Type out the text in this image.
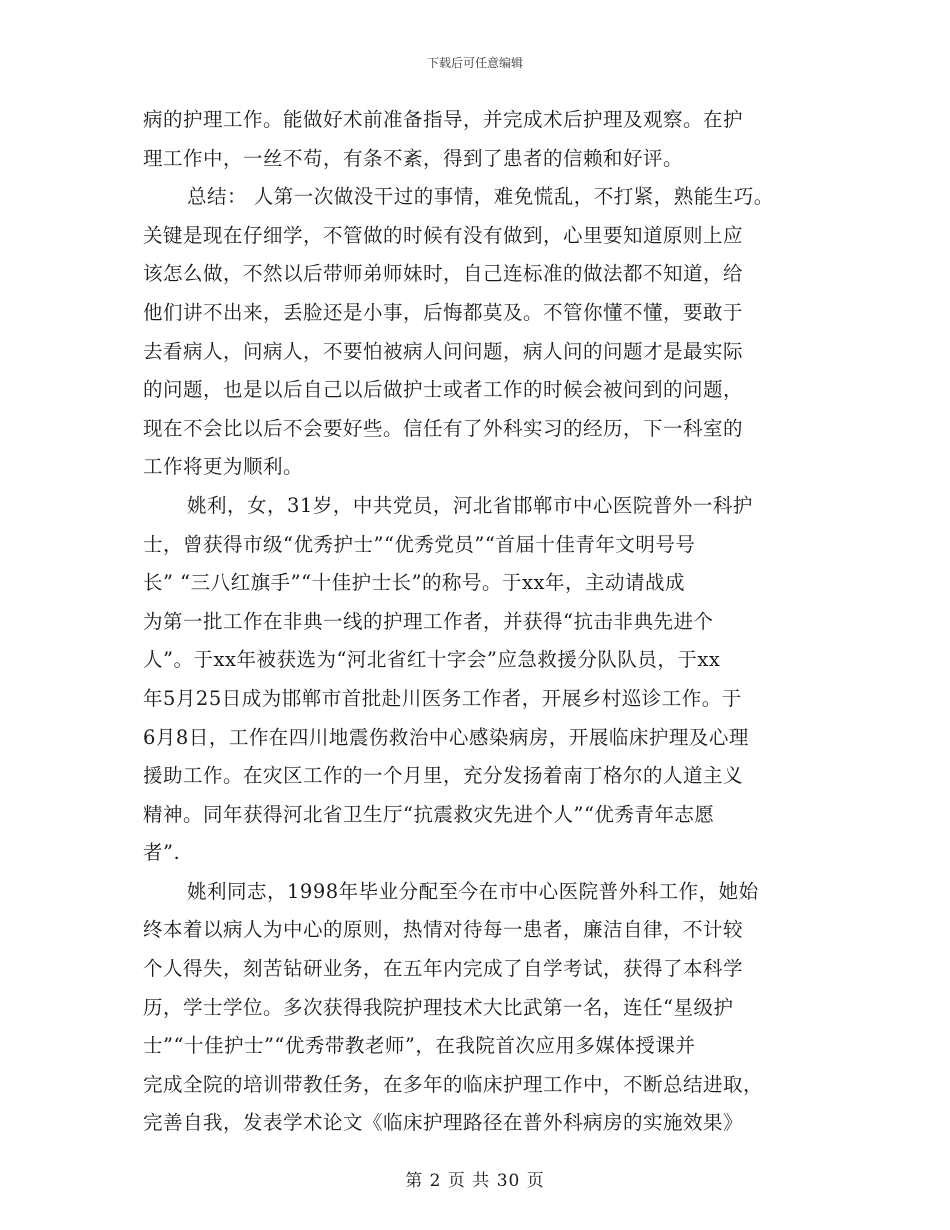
下载后可任意编辑
病的护理工作。能做好术前准备指导，并完成术后护理及观察。在护
理工作中，一丝不苟，有条不紊，得到了患者的信赖和好评。
总结： 人第一次做没干过的事情，难免慌乱，不打紧，熟能生巧。
关键是现在仔细学，不管做的时候有没有做到，心里要知道原则上应
该怎么做，不然以后带师弟师妹时，自己连标准的做法都不知道，给
他们讲不出来，丢脸还是小事，后悔都莫及。不管你懂不懂，要敢于
去看病人，问病人，不要怕被病人问问题，病人问的问题才是最实际
的问题，也是以后自己以后做护士或者工作的时候会被问到的问题，
现在不会比以后不会要好些。信任有了外科实习的经历，下一科室的
工作将更为顺利。
姚利，女，31岁，中共党员，河北省邯郸市中心医院普外一科护
士，曾获得市级“优秀护士”“优秀党员”“首届十佳青年文明号号
长” “三八红旗手”“十佳护士长”的称号。于xx年，主动请战成
为第一批工作在非典一线的护理工作者，并获得“抗击非典先进个
人”。于xx年被获选为“河北省红十字会”应急救援分队队员，于xx
年5月25日成为邯郸市首批赴川医务工作者，开展乡村巡诊工作。于
6月8日，工作在四川地震伤救治中心感染病房，开展临床护理及心理
援助工作。在灾区工作的一个月里，充分发扬着南丁格尔的人道主义
精神。同年获得河北省卫生厅“抗震救灾先进个人”“优秀青年志愿
者”.
姚利同志，1998年毕业分配至今在市中心医院普外科工作，她始
终本着以病人为中心的原则，热情对待每一患者，廉洁自律，不计较
个人得失，刻苦钻研业务，在五年内完成了自学考试，获得了本科学
历，学士学位。多次获得我院护理技术大比武第一名，连任“星级护
士”“十佳护士”“优秀带教老师”，在我院首次应用多媒体授课并
完成全院的培训带教任务，在多年的临床护理工作中，不断总结进取，
完善自我，发表学术论文《临床护理路径在普外科病房的实施效果》
第 2 页 共 30 页
